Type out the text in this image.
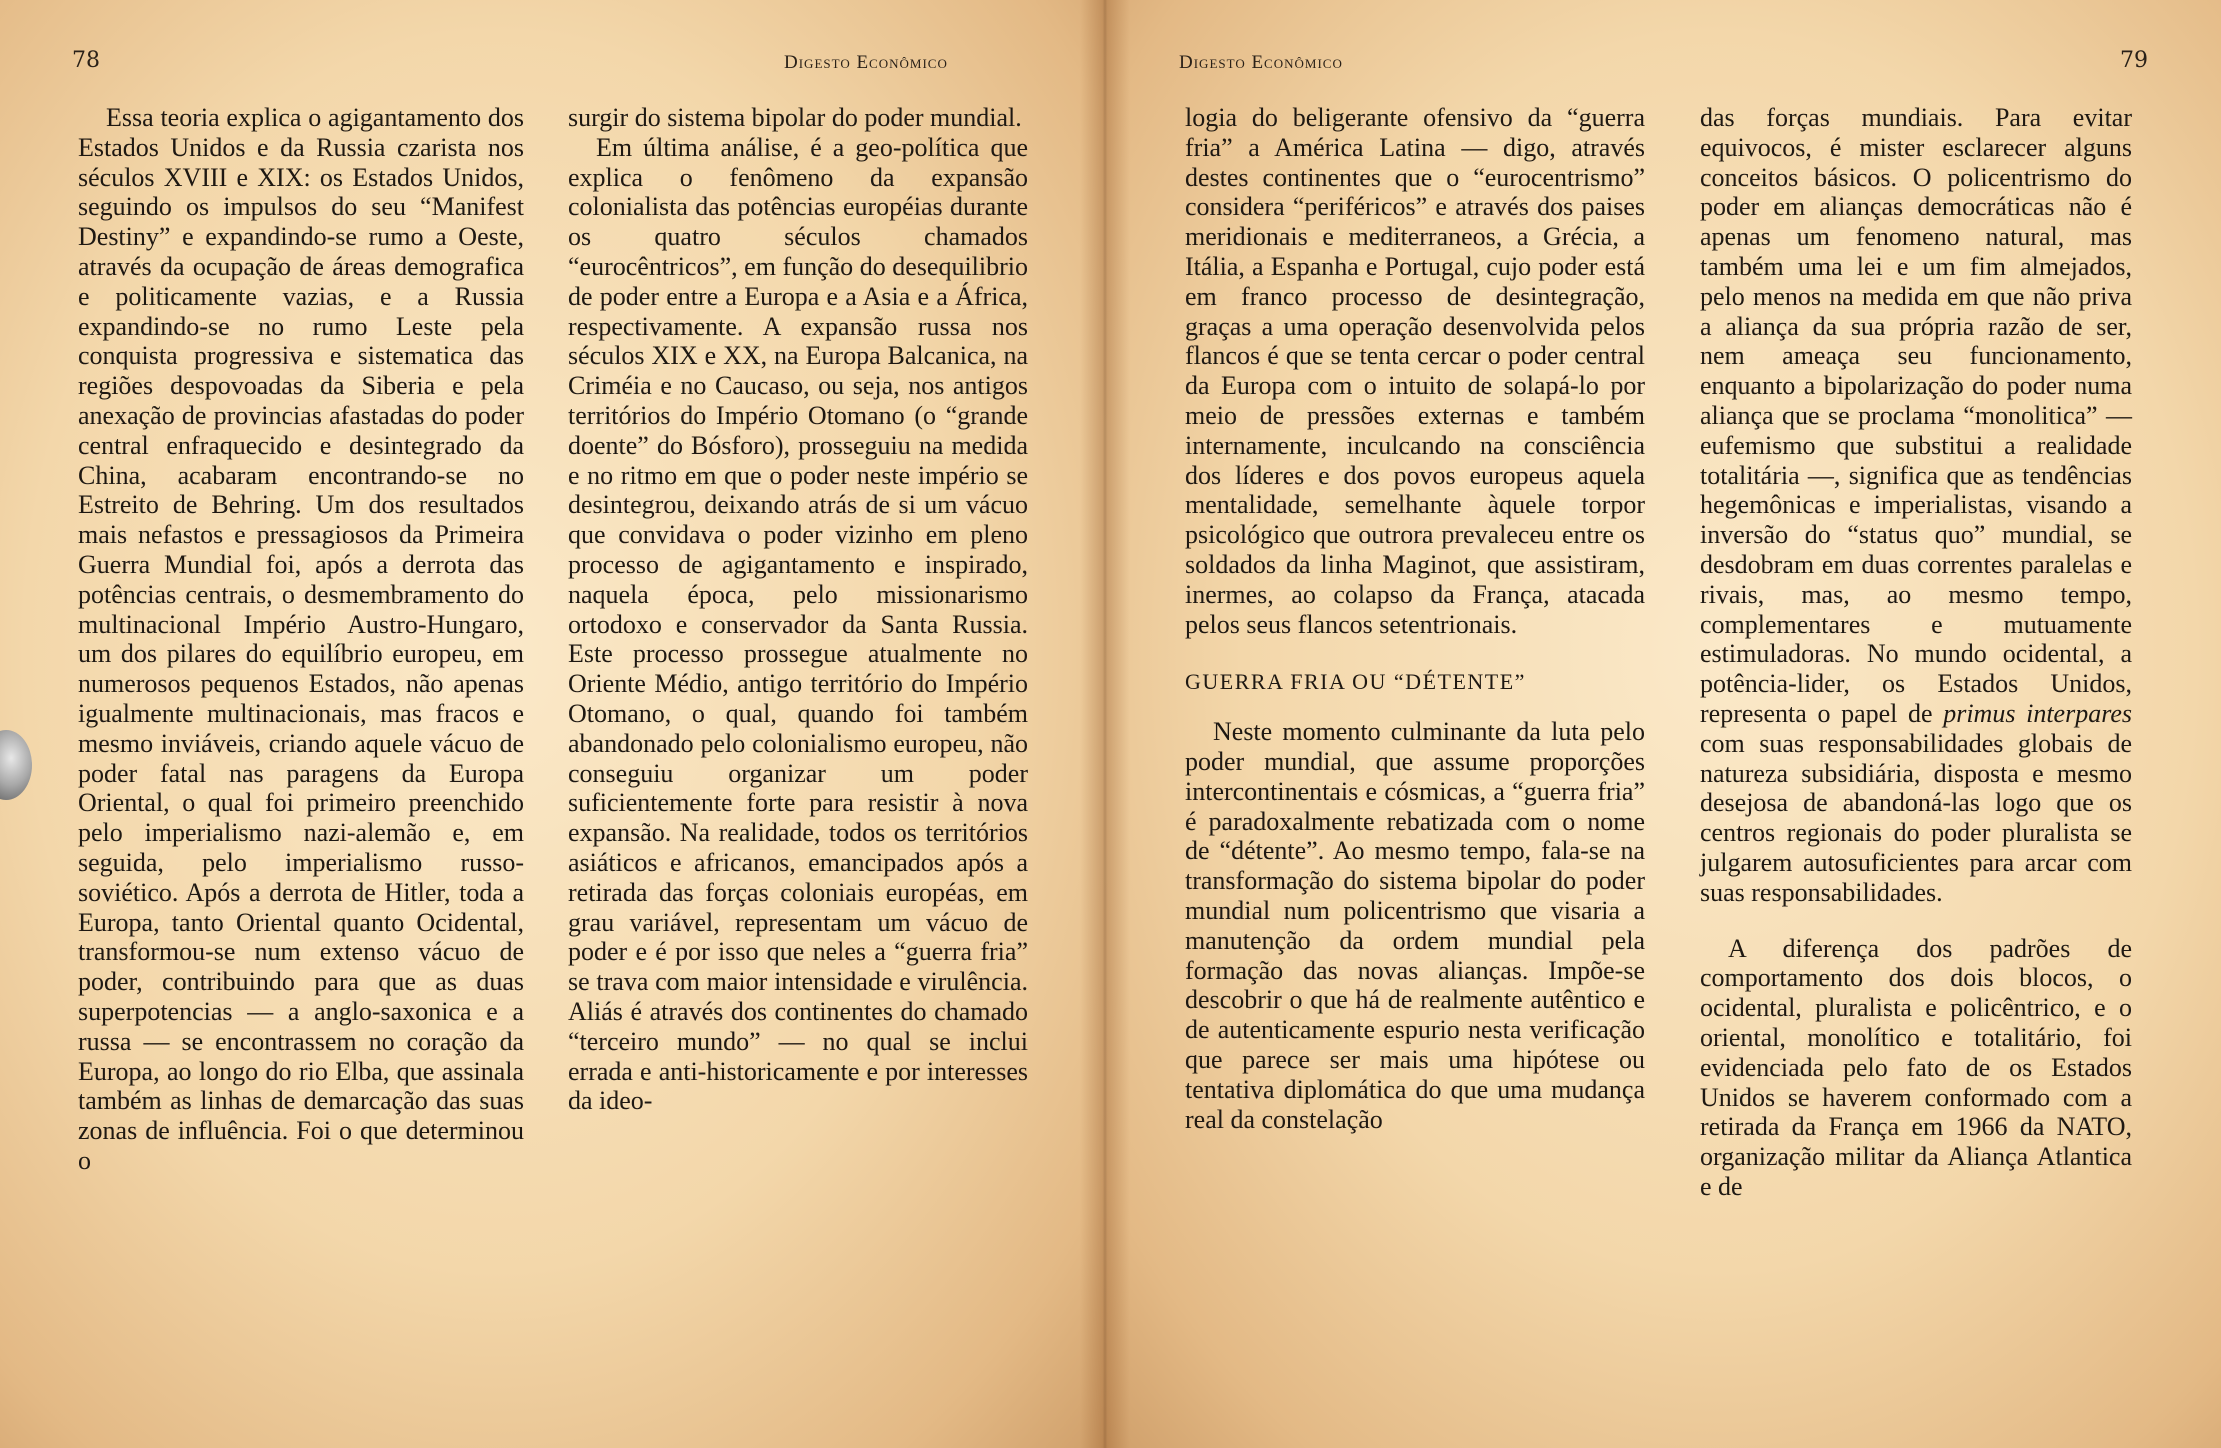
78	Digesto Econômico

Essa teoria explica o agigantamento dos Estados Unidos e da Russia czarista nos séculos XVIII e XIX: os Estados Unidos, seguindo os impulsos do seu “Manifest Destiny” e expandindo-se rumo a Oeste, através da ocupação de áreas demografica e politicamente vazias, e a Russia expandindo-se no rumo Leste pela conquista progressiva e sistematica das regiões despovoadas da Siberia e pela anexação de provincias afastadas do poder central enfraquecido e desintegrado da China, acabaram encontrando-se no Estreito de Behring. Um dos resultados mais nefastos e pressagiosos da Primeira Guerra Mundial foi, após a derrota das potências centrais, o desmembramento do multinacional Império Austro-Hungaro, um dos pilares do equilíbrio europeu, em numerosos pequenos Estados, não apenas igualmente multinacionais, mas fracos e mesmo inviáveis, criando aquele vácuo de poder fatal nas paragens da Europa Oriental, o qual foi primeiro preenchido pelo imperialismo nazi-alemão e, em seguida, pelo imperialismo russo-soviético. Após a derrota de Hitler, toda a Europa, tanto Oriental quanto Ocidental, transformou-se num extenso vácuo de poder, contribuindo para que as duas superpotencias — a anglo-saxonica e a russa — se encontrassem no coração da Europa, ao longo do rio Elba, que assinala também as linhas de demarcação das suas zonas de influência. Foi o que determinou o

surgir do sistema bipolar do poder mundial.

Em última análise, é a geo-política que explica o fenômeno da expansão colonialista das potências européias durante os quatro séculos chamados “eurocêntricos”, em função do desequilibrio de poder entre a Europa e a Asia e a África, respectivamente. A expansão russa nos séculos XIX e XX, na Europa Balcanica, na Criméia e no Caucaso, ou seja, nos antigos territórios do Império Otomano (o “grande doente” do Bósforo), prosseguiu na medida e no ritmo em que o poder neste império se desintegrou, deixando atrás de si um vácuo que convidava o poder vizinho em pleno processo de agigantamento e inspirado, naquela época, pelo missionarismo ortodoxo e conservador da Santa Russia. Este processo prossegue atualmente no Oriente Médio, antigo território do Império Otomano, o qual, quando foi também abandonado pelo colonialismo europeu, não conseguiu organizar um poder suficientemente forte para resistir à nova expansão. Na realidade, todos os territórios asiáticos e africanos, emancipados após a retirada das forças coloniais européas, em grau variável, representam um vácuo de poder e é por isso que neles a “guerra fria” se trava com maior intensidade e virulência. Aliás é através dos continentes do chamado “terceiro mundo” — no qual se inclui errada e anti-historicamente e por interesses da ideo-

Digesto Econômico	79

logia do beligerante ofensivo da “guerra fria” a América Latina — digo, através destes continentes que o “eurocentrismo” considera “periféricos” e através dos paises meridionais e mediterraneos, a Grécia, a Itália, a Espanha e Portugal, cujo poder está em franco processo de desintegração, graças a uma operação desenvolvida pelos flancos é que se tenta cercar o poder central da Europa com o intuito de solapá-lo por meio de pressões externas e também internamente, inculcando na consciência dos líderes e dos povos europeus aquela mentalidade, semelhante àquele torpor psicológico que outrora prevaleceu entre os soldados da linha Maginot, que assistiram, inermes, ao colapso da França, atacada pelos seus flancos setentrionais.

GUERRA FRIA OU “DÉTENTE”

Neste momento culminante da luta pelo poder mundial, que assume proporções intercontinentais e cósmicas, a “guerra fria” é paradoxalmente rebatizada com o nome de “détente”. Ao mesmo tempo, fala-se na transformação do sistema bipolar do poder mundial num policentrismo que visaria a manutenção da ordem mundial pela formação das novas alianças. Impõe-se descobrir o que há de realmente autêntico e de autenticamente espurio nesta verificação que parece ser mais uma hipótese ou tentativa diplomática do que uma mudança real da constelação

das forças mundiais. Para evitar equivocos, é mister esclarecer alguns conceitos básicos. O policentrismo do poder em alianças democráticas não é apenas um fenomeno natural, mas também uma lei e um fim almejados, pelo menos na medida em que não priva a aliança da sua própria razão de ser, nem ameaça seu funcionamento, enquanto a bipolarização do poder numa aliança que se proclama “monolitica” — eufemismo que substitui a realidade totalitária —, significa que as tendências hegemônicas e imperialistas, visando a inversão do “status quo” mundial, se desdobram em duas correntes paralelas e rivais, mas, ao mesmo tempo, complementares e mutuamente estimuladoras. No mundo ocidental, a potência-lider, os Estados Unidos, representa o papel de primus interpares com suas responsabilidades globais de natureza subsidiária, disposta e mesmo desejosa de abandoná-las logo que os centros regionais do poder pluralista se julgarem autosuficientes para arcar com suas responsabilidades.

A diferença dos padrões de comportamento dos dois blocos, o ocidental, pluralista e policêntrico, e o oriental, monolítico e totalitário, foi evidenciada pelo fato de os Estados Unidos se haverem conformado com a retirada da França em 1966 da NATO, organização militar da Aliança Atlantica e de
